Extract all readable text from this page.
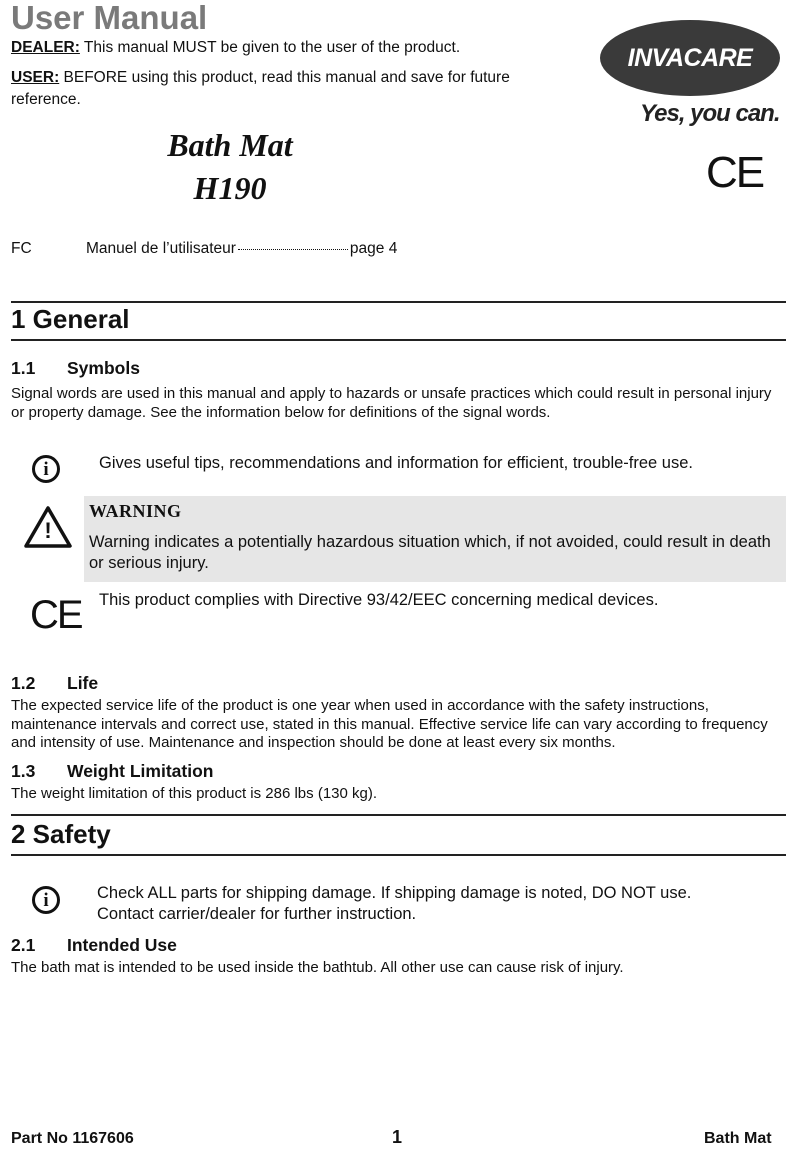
User Manual
DEALER: This manual MUST be given to the user of the product.
USER: BEFORE using this product, read this manual and save for future
reference.
Bath Mat
H190
INVACARE
Yes, you can.
CE
FC	Manuel de l’utilisateur	page 4
1 General
1.1 Symbols
Signal words are used in this manual and apply to hazards or unsafe practices which could result in personal injury or property damage. See the information below for definitions of the signal words.
i	Gives useful tips, recommendations and information for efficient, trouble-free use.
WARNING
Warning indicates a potentially hazardous situation which, if not avoided, could result in death or serious injury.
!
CE This product complies with Directive 93/42/EEC concerning medical devices.
1.2 Life
The expected service life of the product is one year when used in accordance with the safety instructions, maintenance intervals and correct use, stated in this manual. Effective service life can vary according to frequency and intensity of use. Maintenance and inspection should be done at least every six months.
1.3 Weight Limitation
The weight limitation of this product is 286 lbs (130 kg).
2 Safety
i	Check ALL parts for shipping damage. If shipping damage is noted, DO NOT use.
Contact carrier/dealer for further instruction.
2.1 Intended Use
The bath mat is intended to be used inside the bathtub. All other use can cause risk of injury.
Part No 1167606	1	Bath Mat
